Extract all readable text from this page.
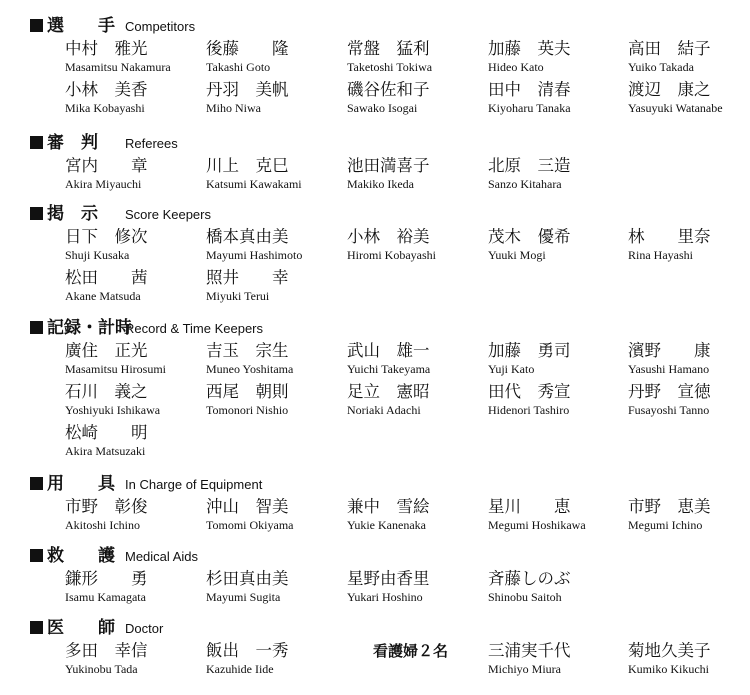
選　　手 Competitors
中村　雅光
Masamitsu Nakamura
後藤　　隆
Takashi Goto
常盤　猛利
Taketoshi Tokiwa
加藤　英夫
Hideo Kato
高田　結子
Yuiko Takada
小林　美香
Mika Kobayashi
丹羽　美帆
Miho Niwa
磯谷佐和子
Sawako Isogai
田中　清春
Kiyoharu Tanaka
渡辺　康之
Yasuyuki Watanabe
審　判 Referees
宮内　　章
Akira Miyauchi
川上　克巳
Katsumi Kawakami
池田満喜子
Makiko Ikeda
北原　三造
Sanzo Kitahara
掲　示 Score Keepers
日下　修次
Shuji Kusaka
橋本真由美
Mayumi Hashimoto
小林　裕美
Hiromi Kobayashi
茂木　優希
Yuuki Mogi
林　　里奈
Rina Hayashi
松田　　茜
Akane Matsuda
照井　　幸
Miyuki Terui
記録・計時
Record & Time Keepers
廣住　正光
Masamitsu Hirosumi
吉玉　宗生
Muneo Yoshitama
武山　雄一
Yuichi Takeyama
加藤　勇司
Yuji Kato
濱野　　康
Yasushi Hamano
石川　義之
Yoshiyuki Ishikawa
西尾　朝則
Tomonori Nishio
足立　憲昭
Noriaki Adachi
田代　秀宣
Hidenori Tashiro
丹野　宣徳
Fusayoshi Tanno
松崎　　明
Akira Matsuzaki
用　　具 In Charge of Equipment
市野　彰俊
Akitoshi Ichino
沖山　智美
Tomomi Okiyama
兼中　雪絵
Yukie Kanenaka
星川　　恵
Megumi Hoshikawa
市野　恵美
Megumi Ichino
救　　護 Medical Aids
鎌形　　勇
Isamu Kamagata
杉田真由美
Mayumi Sugita
星野由香里
Yukari Hoshino
斉藤しのぶ
Shinobu Saitoh
医　　師 Doctor
多田　幸信
Yukinobu Tada
飯出　一秀
Kazuhide Iide
看護婦２名 三浦実千代
Michiyo Miura
菊地久美子
Kumiko Kikuchi
